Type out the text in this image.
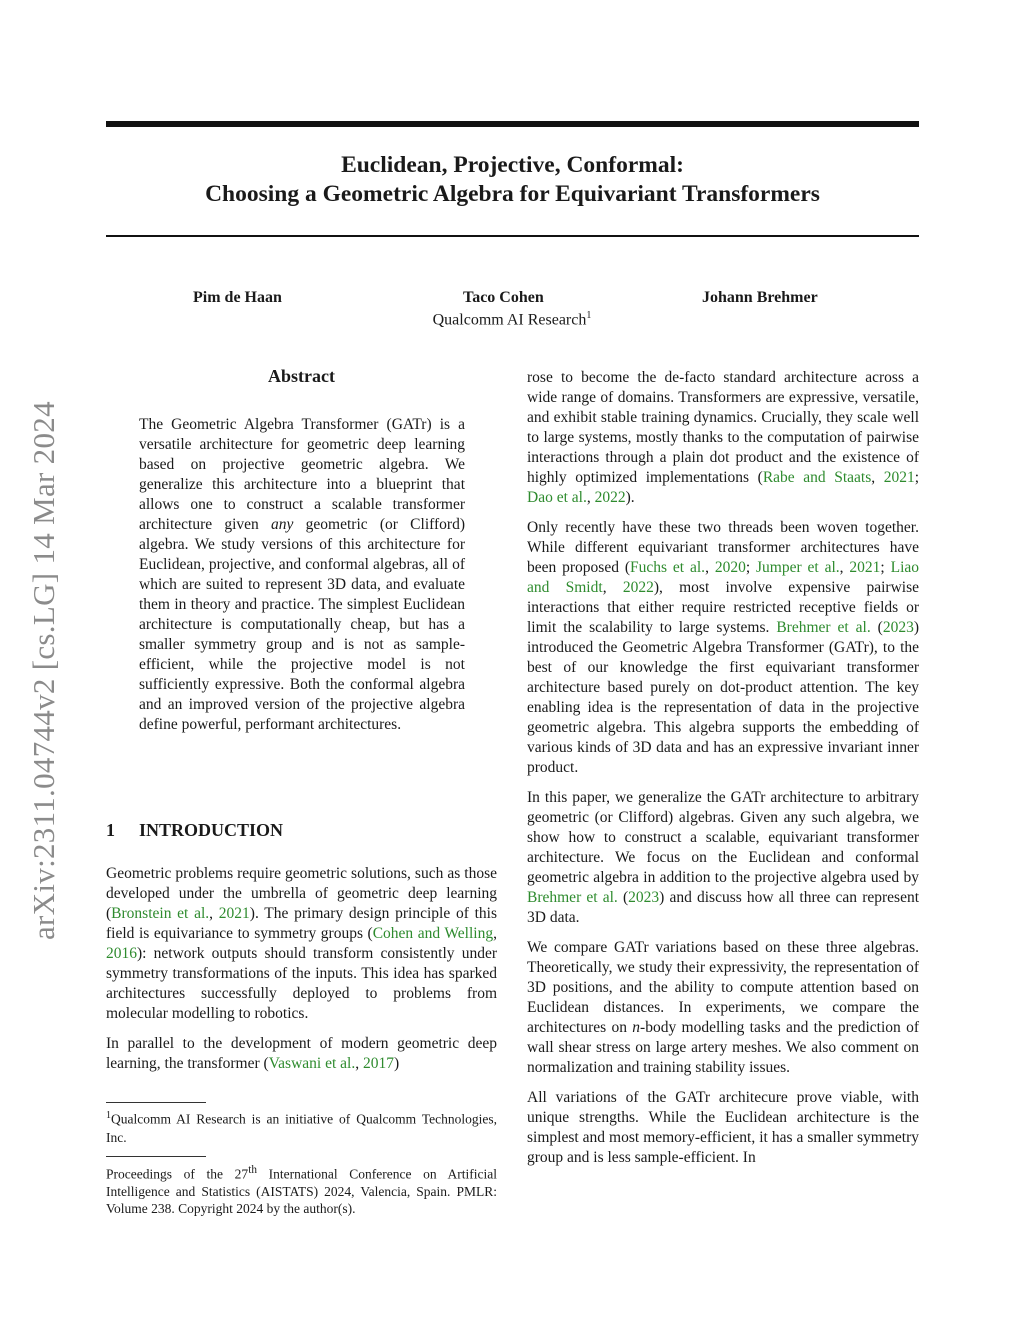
arXiv:2311.04744v2 [cs.LG] 14 Mar 2024
Euclidean, Projective, Conformal:
Choosing a Geometric Algebra for Equivariant Transformers
Pim de Haan	Taco Cohen	Johann Brehmer
Qualcomm AI Research$^1$
Abstract
The Geometric Algebra Transformer (GATr) is a versatile architecture for geometric deep learning based on projective geometric algebra. We generalize this architecture into a blueprint that allows one to construct a scalable transformer architecture given any geometric (or Clifford) algebra. We study versions of this architecture for Euclidean, projective, and conformal algebras, all of which are suited to represent 3D data, and evaluate them in theory and practice. The simplest Euclidean architecture is computationally cheap, but has a smaller symmetry group and is not as sample-efficient, while the projective model is not sufficiently expressive. Both the conformal algebra and an improved version of the projective algebra define powerful, performant architectures.
1 INTRODUCTION

Geometric problems require geometric solutions, such as those developed under the umbrella of geometric deep learning (Bronstein et al., 2021). The primary design principle of this field is equivariance to symmetry groups (Cohen and Welling, 2016): network outputs should transform consistently under symmetry transformations of the inputs. This idea has sparked architectures successfully deployed to problems from molecular modelling to robotics.

In parallel to the development of modern geometric deep learning, the transformer (Vaswani et al., 2017)

$^1$Qualcomm AI Research is an initiative of Qualcomm Technologies, Inc.
Proceedings of the 27th International Conference on Artificial Intelligence and Statistics (AISTATS) 2024, Valencia, Spain. PMLR: Volume 238. Copyright 2024 by the author(s).

rose to become the de-facto standard architecture across a wide range of domains. Transformers are expressive, versatile, and exhibit stable training dynamics. Crucially, they scale well to large systems, mostly thanks to the computation of pairwise interactions through a plain dot product and the existence of highly optimized implementations (Rabe and Staats, 2021; Dao et al., 2022).

Only recently have these two threads been woven together. While different equivariant transformer architectures have been proposed (Fuchs et al., 2020; Jumper et al., 2021; Liao and Smidt, 2022), most involve expensive pairwise interactions that either require restricted receptive fields or limit the scalability to large systems. Brehmer et al. (2023) introduced the Geometric Algebra Transformer (GATr), to the best of our knowledge the first equivariant transformer architecture based purely on dot-product attention. The key enabling idea is the representation of data in the projective geometric algebra. This algebra supports the embedding of various kinds of 3D data and has an expressive invariant inner product.

In this paper, we generalize the GATr architecture to arbitrary geometric (or Clifford) algebras. Given any such algebra, we show how to construct a scalable, equivariant transformer architecture. We focus on the Euclidean and conformal geometric algebra in addition to the projective algebra used by Brehmer et al. (2023) and discuss how all three can represent 3D data.

We compare GATr variations based on these three algebras. Theoretically, we study their expressivity, the representation of 3D positions, and the ability to compute attention based on Euclidean distances. In experiments, we compare the architectures on n-body modelling tasks and the prediction of wall shear stress on large artery meshes. We also comment on normalization and training stability issues.

All variations of the GATr architecure prove viable, with unique strengths. While the Euclidean architecture is the simplest and most memory-efficient, it has a smaller symmetry group and is less sample-efficient. In
